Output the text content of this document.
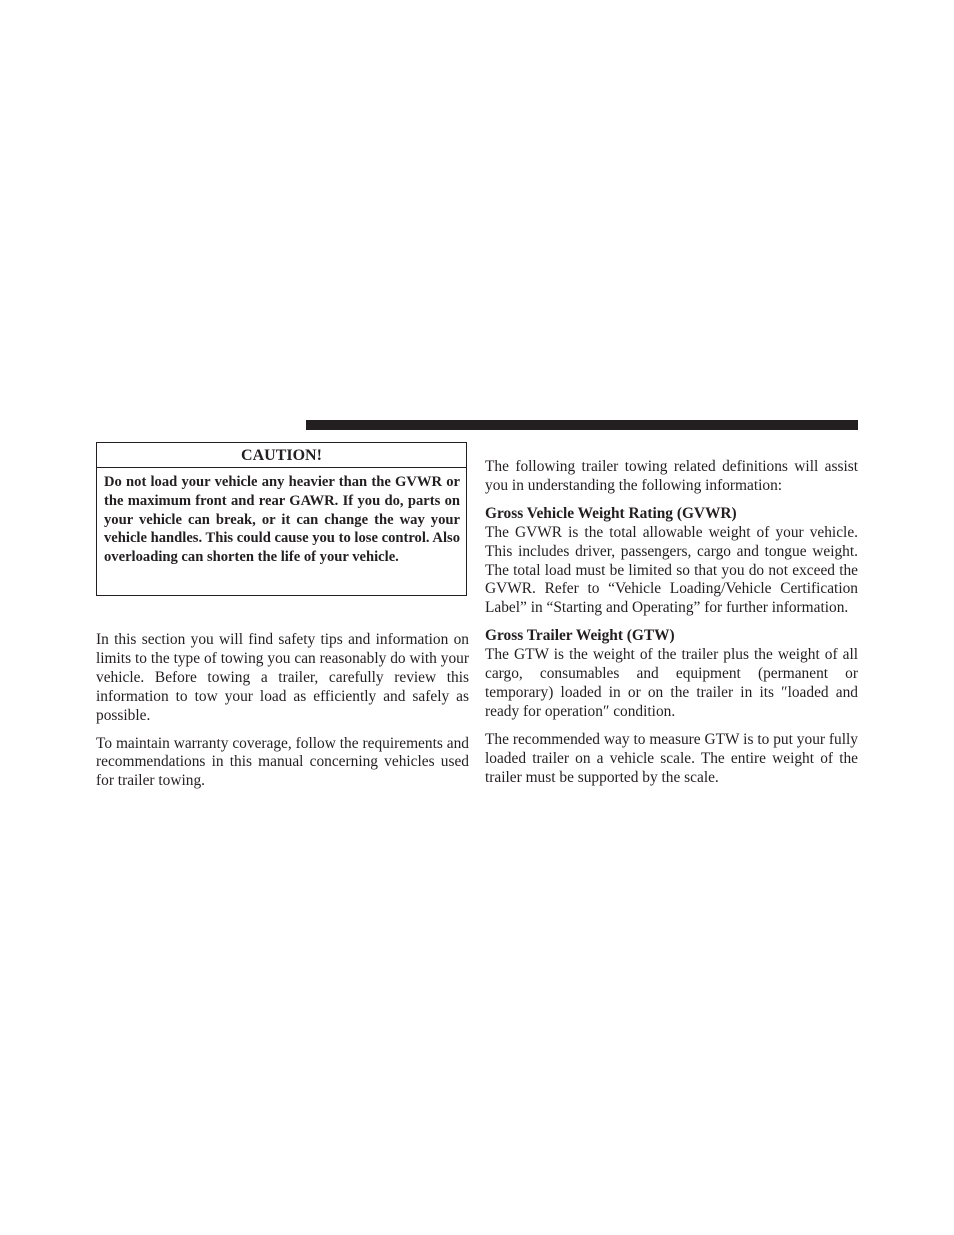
CAUTION!
Do not load your vehicle any heavier than the GVWR or the maximum front and rear GAWR. If you do, parts on your vehicle can break, or it can change the way your vehicle handles. This could cause you to lose control. Also overloading can shorten the life of your vehicle.

In this section you will find safety tips and information on limits to the type of towing you can reasonably do with your vehicle. Before towing a trailer, carefully review this information to tow your load as efficiently and safely as possible.

To maintain warranty coverage, follow the requirements and recommendations in this manual concerning vehicles used for trailer towing.

The following trailer towing related definitions will assist you in understanding the following information:

Gross Vehicle Weight Rating (GVWR)

The GVWR is the total allowable weight of your vehicle. This includes driver, passengers, cargo and tongue weight. The total load must be limited so that you do not exceed the GVWR. Refer to “Vehicle Loading/Vehicle Certification Label” in “Starting and Operating” for further information.

Gross Trailer Weight (GTW)

The GTW is the weight of the trailer plus the weight of all cargo, consumables and equipment (permanent or temporary) loaded in or on the trailer in its ″loaded and ready for operation″ condition.

The recommended way to measure GTW is to put your fully loaded trailer on a vehicle scale. The entire weight of the trailer must be supported by the scale.
